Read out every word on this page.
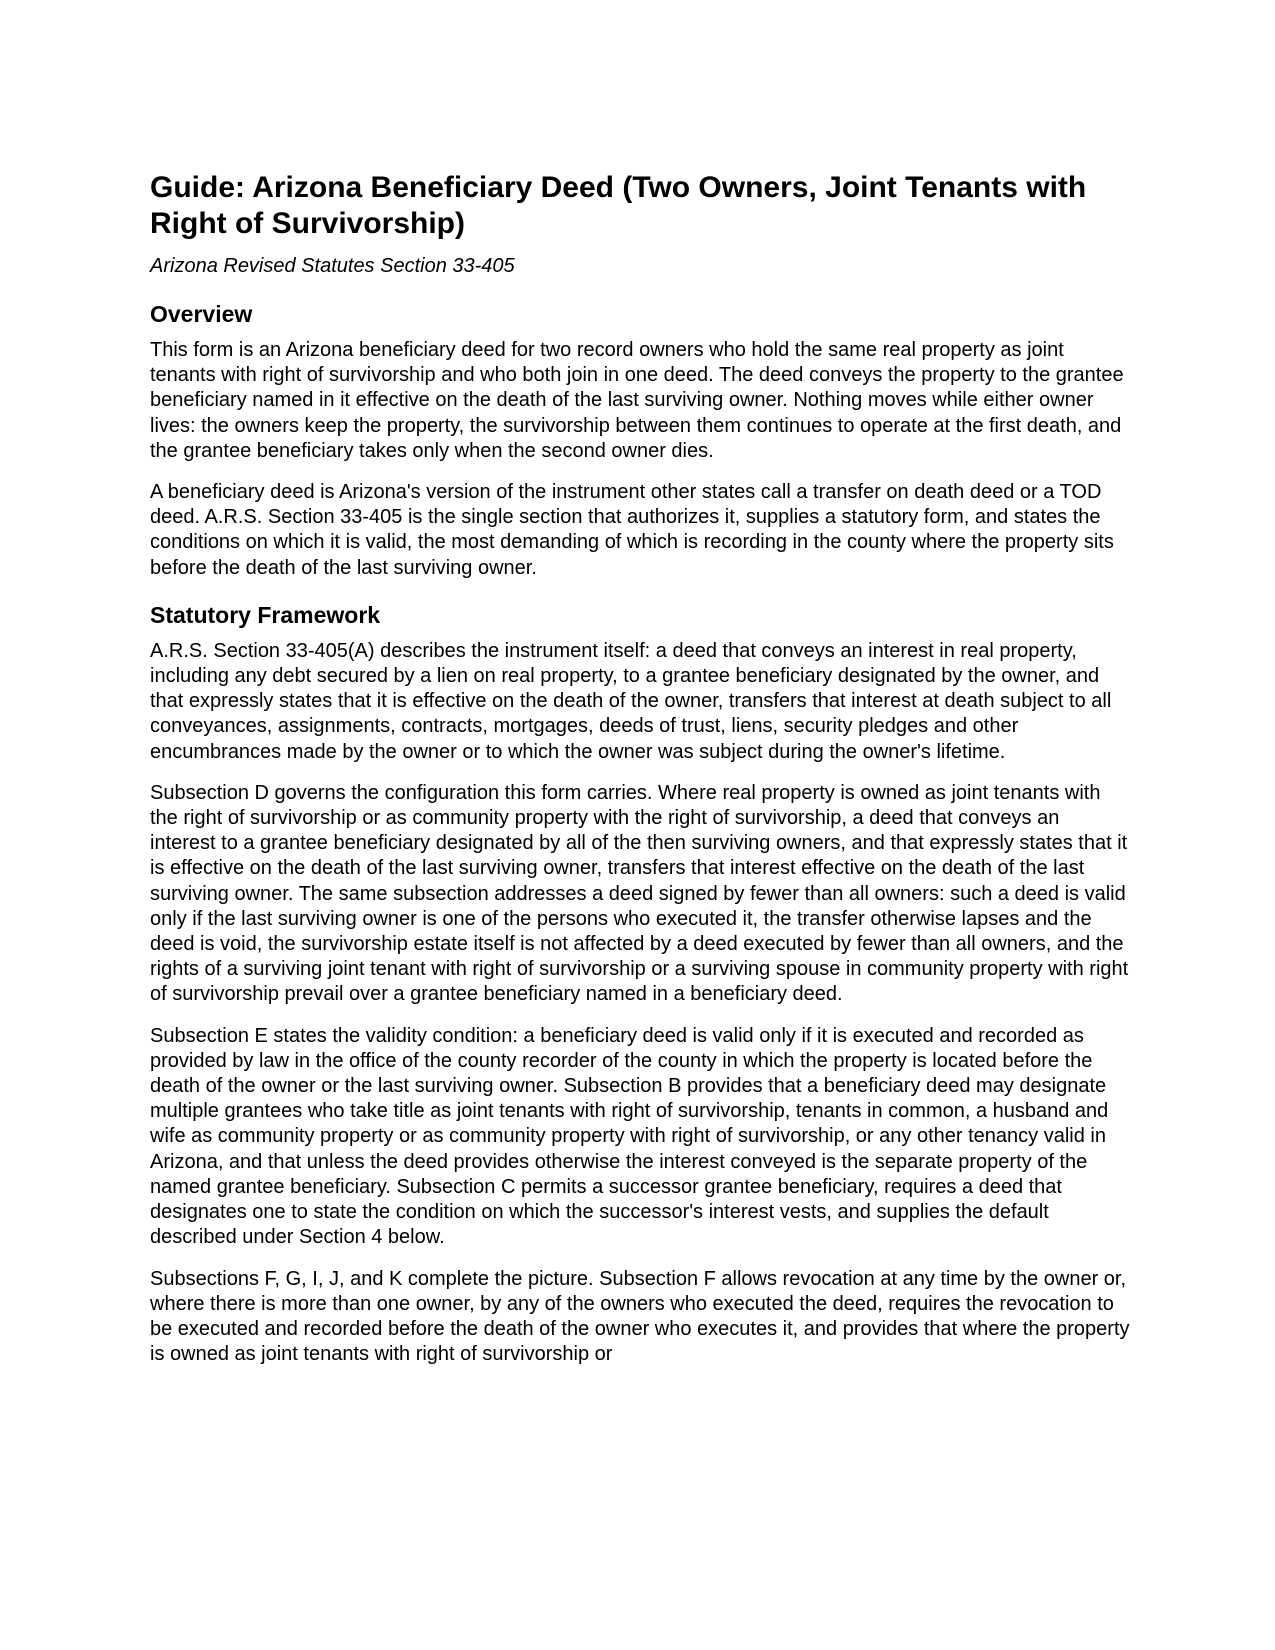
Guide: Arizona Beneficiary Deed (Two Owners, Joint Tenants with Right of Survivorship)
Arizona Revised Statutes Section 33-405
Overview

This form is an Arizona beneficiary deed for two record owners who hold the same real property as joint tenants with right of survivorship and who both join in one deed. The deed conveys the property to the grantee beneficiary named in it effective on the death of the last surviving owner. Nothing moves while either owner lives: the owners keep the property, the survivorship between them continues to operate at the first death, and the grantee beneficiary takes only when the second owner dies.

A beneficiary deed is Arizona's version of the instrument other states call a transfer on death deed or a TOD deed. A.R.S. Section 33-405 is the single section that authorizes it, supplies a statutory form, and states the conditions on which it is valid, the most demanding of which is recording in the county where the property sits before the death of the last surviving owner.

Statutory Framework

A.R.S. Section 33-405(A) describes the instrument itself: a deed that conveys an interest in real property, including any debt secured by a lien on real property, to a grantee beneficiary designated by the owner, and that expressly states that it is effective on the death of the owner, transfers that interest at death subject to all conveyances, assignments, contracts, mortgages, deeds of trust, liens, security pledges and other encumbrances made by the owner or to which the owner was subject during the owner's lifetime.

Subsection D governs the configuration this form carries. Where real property is owned as joint tenants with the right of survivorship or as community property with the right of survivorship, a deed that conveys an interest to a grantee beneficiary designated by all of the then surviving owners, and that expressly states that it is effective on the death of the last surviving owner, transfers that interest effective on the death of the last surviving owner. The same subsection addresses a deed signed by fewer than all owners: such a deed is valid only if the last surviving owner is one of the persons who executed it, the transfer otherwise lapses and the deed is void, the survivorship estate itself is not affected by a deed executed by fewer than all owners, and the rights of a surviving joint tenant with right of survivorship or a surviving spouse in community property with right of survivorship prevail over a grantee beneficiary named in a beneficiary deed.

Subsection E states the validity condition: a beneficiary deed is valid only if it is executed and recorded as provided by law in the office of the county recorder of the county in which the property is located before the death of the owner or the last surviving owner. Subsection B provides that a beneficiary deed may designate multiple grantees who take title as joint tenants with right of survivorship, tenants in common, a husband and wife as community property or as community property with right of survivorship, or any other tenancy valid in Arizona, and that unless the deed provides otherwise the interest conveyed is the separate property of the named grantee beneficiary. Subsection C permits a successor grantee beneficiary, requires a deed that designates one to state the condition on which the successor's interest vests, and supplies the default described under Section 4 below.

Subsections F, G, I, J, and K complete the picture. Subsection F allows revocation at any time by the owner or, where there is more than one owner, by any of the owners who executed the deed, requires the revocation to be executed and recorded before the death of the owner who executes it, and provides that where the property is owned as joint tenants with right of survivorship or
